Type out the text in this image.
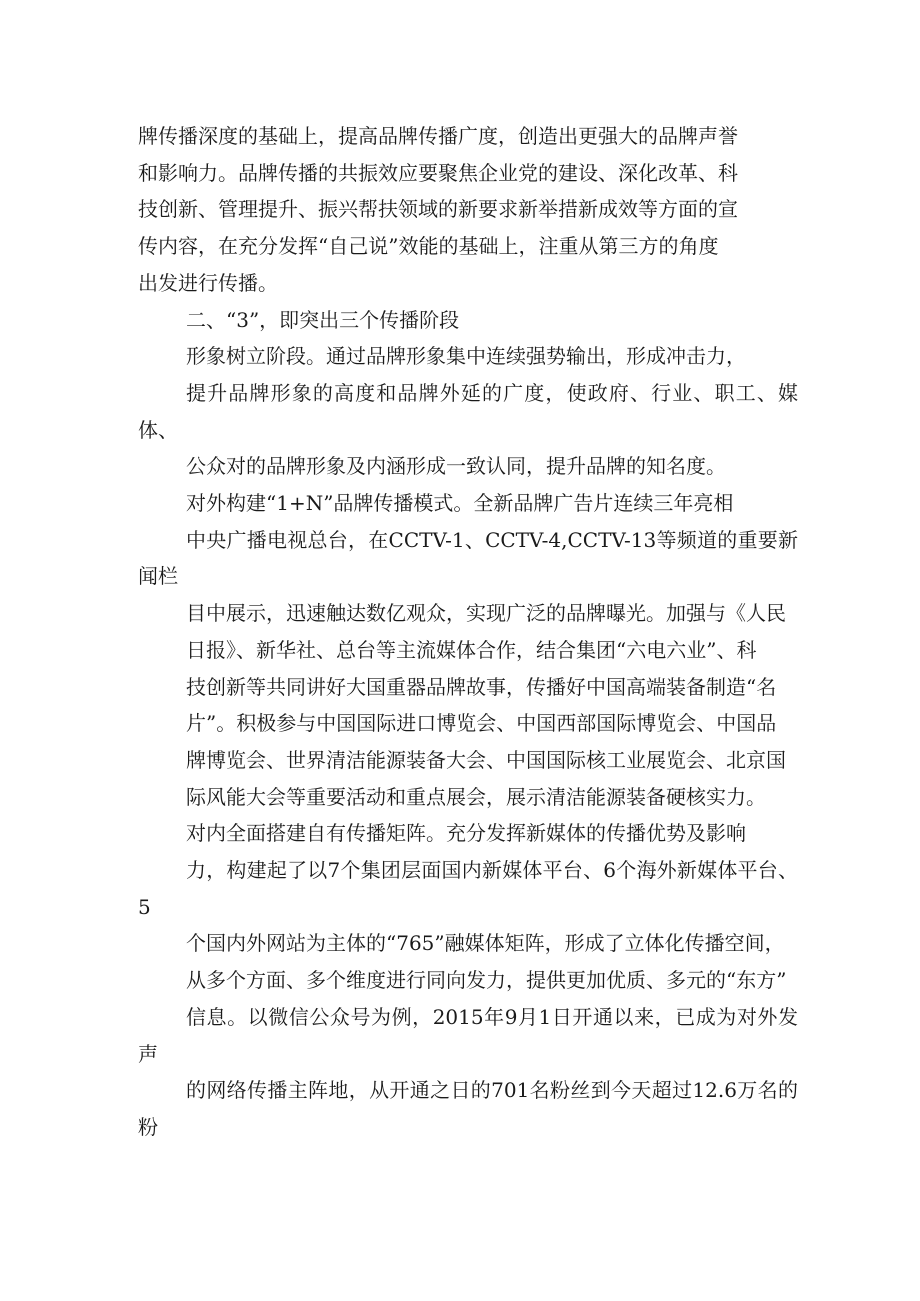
牌传播深度的基础上，提高品牌传播广度，创造出更强大的品牌声誉
和影响力。品牌传播的共振效应要聚焦企业党的建设、深化改革、科
技创新、管理提升、振兴帮扶领域的新要求新举措新成效等方面的宣
传内容，在充分发挥“自己说”效能的基础上，注重从第三方的角度
出发进行传播。

二、“3”，即突出三个传播阶段

形象树立阶段。通过品牌形象集中连续强势输出，形成冲击力，
提升品牌形象的高度和品牌外延的广度，使政府、行业、职工、媒体、
公众对的品牌形象及内涵形成一致认同，提升品牌的知名度。

对外构建“1+N”品牌传播模式。全新品牌广告片连续三年亮相
中央广播电视总台，在CCTV-1、CCTV-4,CCTV-13等频道的重要新闻栏
目中展示，迅速触达数亿观众，实现广泛的品牌曝光。加强与《人民
日报》、新华社、总台等主流媒体合作，结合集团“六电六业”、科
技创新等共同讲好大国重器品牌故事，传播好中国高端装备制造“名
片”。积极参与中国国际进口博览会、中国西部国际博览会、中国品
牌博览会、世界清洁能源装备大会、中国国际核工业展览会、北京国
际风能大会等重要活动和重点展会，展示清洁能源装备硬核实力。

对内全面搭建自有传播矩阵。充分发挥新媒体的传播优势及影响
力，构建起了以7个集团层面国内新媒体平台、6个海外新媒体平台、5
个国内外网站为主体的“765”融媒体矩阵，形成了立体化传播空间，
从多个方面、多个维度进行同向发力，提供更加优质、多元的“东方”
信息。以微信公众号为例，2015年9月1日开通以来，已成为对外发声
的网络传播主阵地，从开通之日的701名粉丝到今天超过12.6万名的粉
